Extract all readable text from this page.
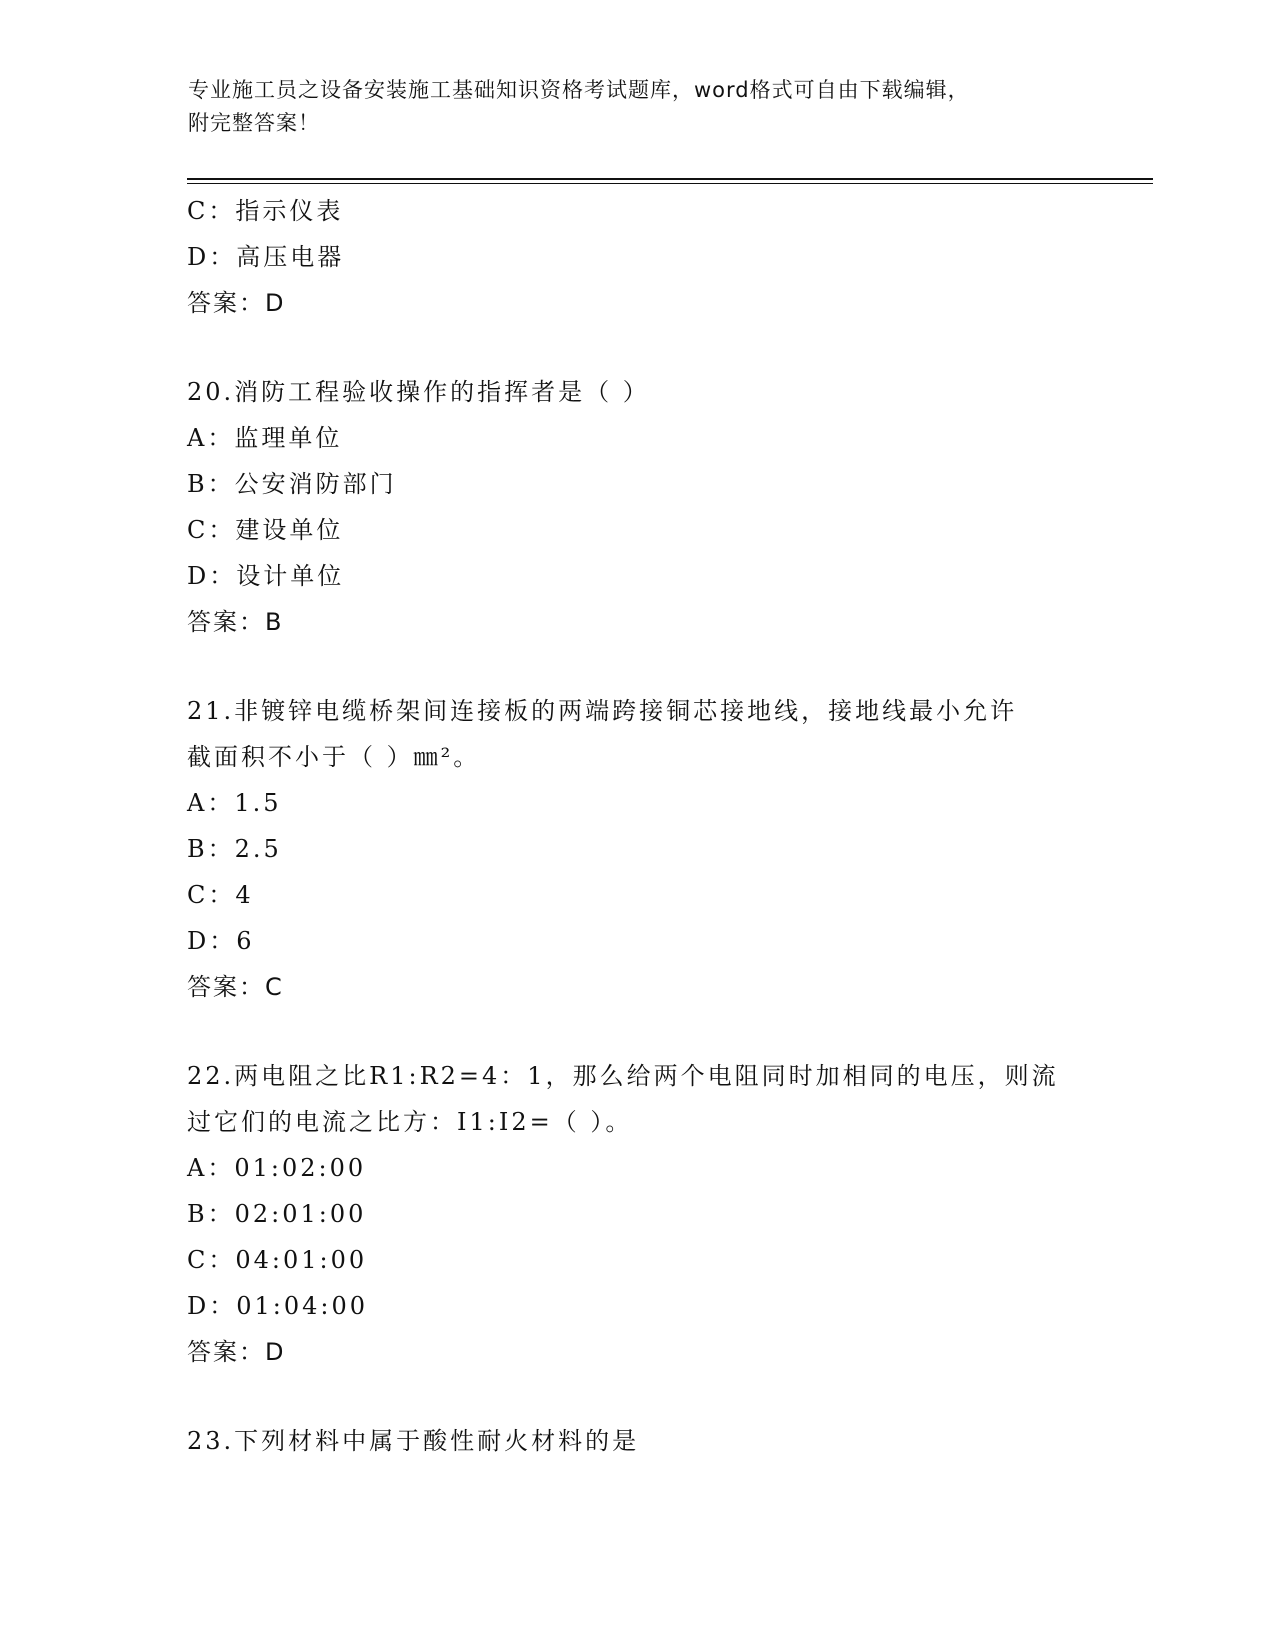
专业施工员之设备安装施工基础知识资格考试题库，word格式可自由下载编辑，
附完整答案！
C：指示仪表
D：高压电器
答案：D
20.消防工程验收操作的指挥者是（ ）
A：监理单位
B：公安消防部门
C：建设单位
D：设计单位
答案：B
21.非镀锌电缆桥架间连接板的两端跨接铜芯接地线，接地线最小允许
截面积不小于（ ）㎜²。
A：1.5
B：2.5
C：4
D：6
答案：C
22.两电阻之比R1:R2=4：1，那么给两个电阻同时加相同的电压，则流
过它们的电流之比方：I1:I2=（ ）。
A：01:02:00
B：02:01:00
C：04:01:00
D：01:04:00
答案：D
23.下列材料中属于酸性耐火材料的是
